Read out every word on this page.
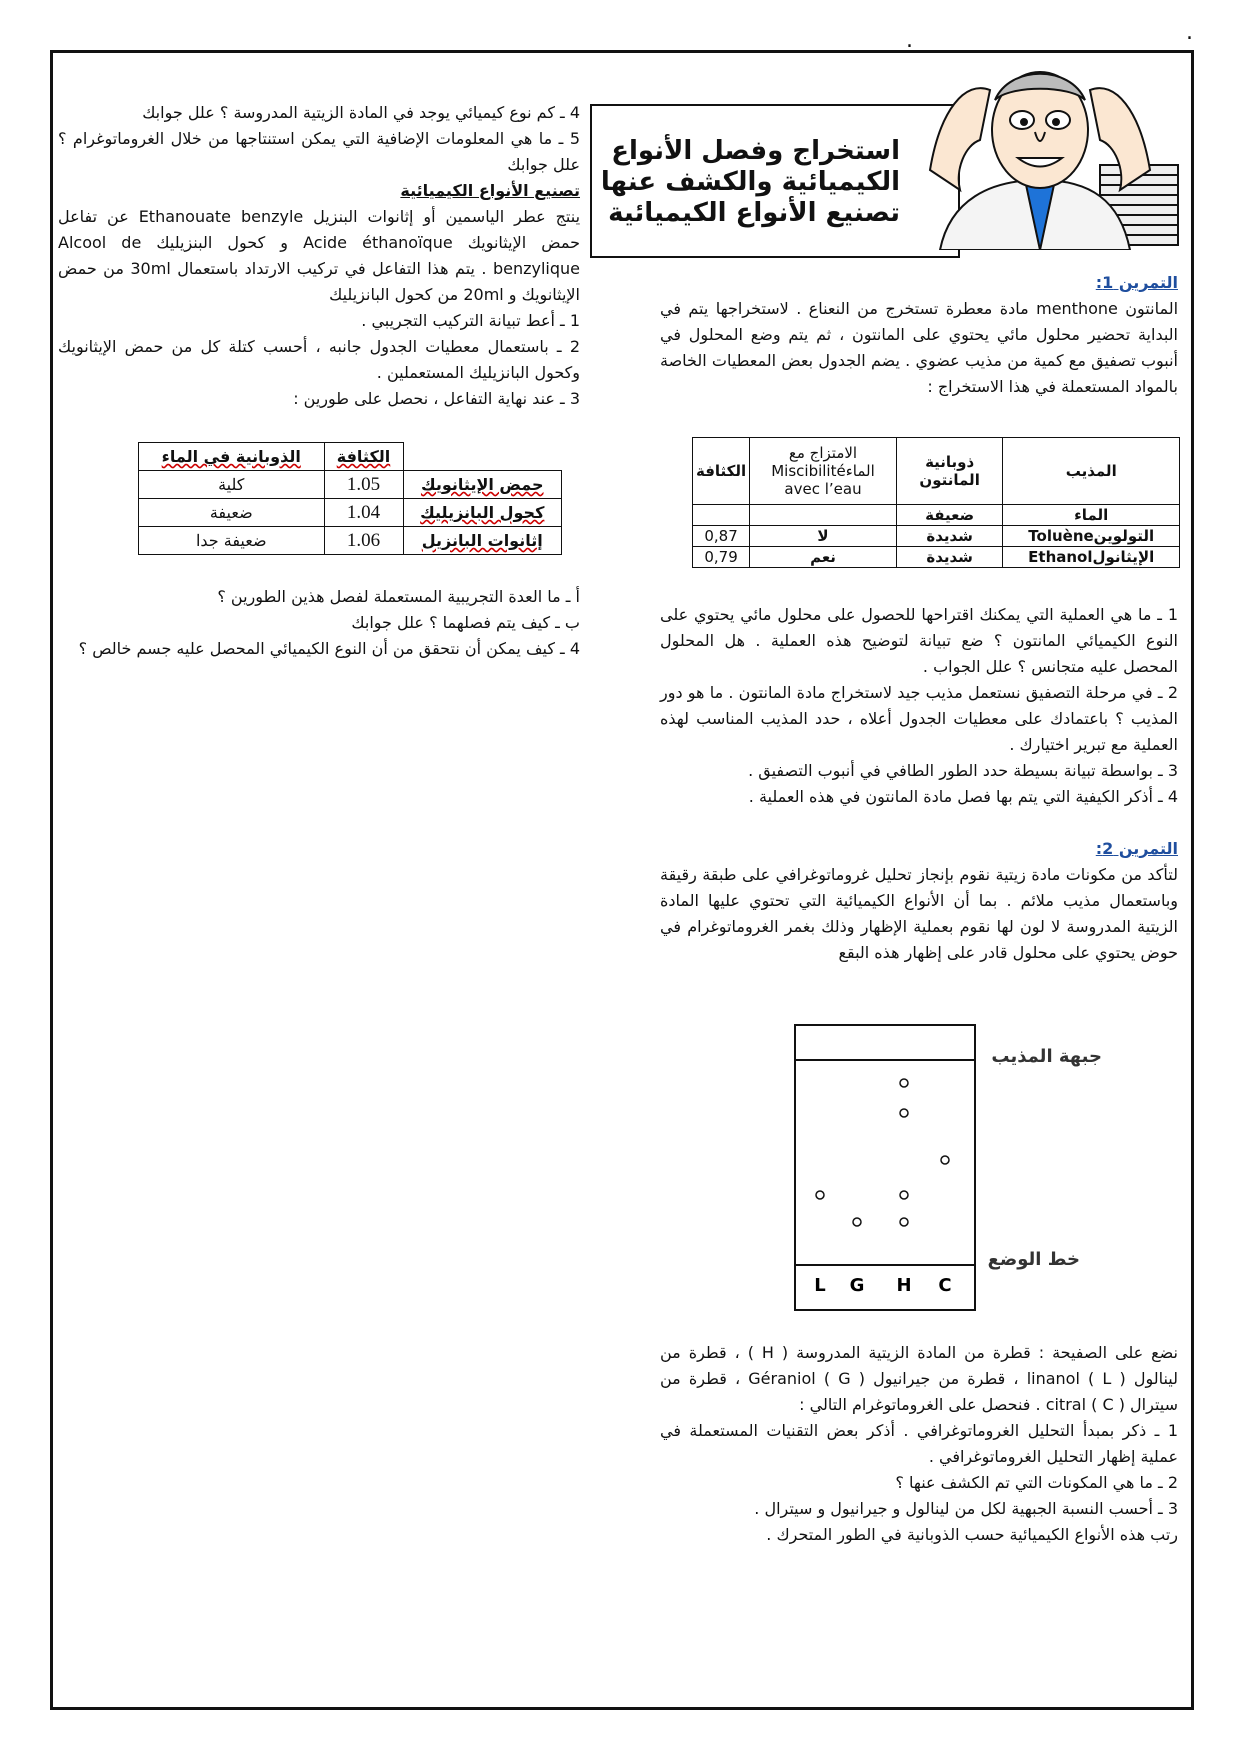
.	.
استخراج وفصل الأنواع
الكيميائية والكشف عنها
تصنيع الأنواع الكيميائية

التمرين 1:

المانتون menthone مادة معطرة تستخرج من النعناع . لاستخراجها يتم في البداية تحضير محلول مائي يحتوي على المانتون ، ثم يتم وضع المحلول في أنبوب تصفيق مع كمية من مذيب عضوي . يضم الجدول بعض المعطيات الخاصة بالمواد المستعملة في هذا الاستخراج :

المذيب	ذوبانية المانتون	الامتزاج مع الماءMiscibilité avec l’eau	الكثافة
الماء	ضعيفة		
التولوينToluène	شديدة	لا	0,87
الإيثانولEthanol	شديدة	نعم	0,79

1 ـ ما هي العملية التي يمكنك اقتراحها للحصول على محلول مائي يحتوي على النوع الكيميائي المانتون ؟ ضع تبيانة لتوضيح هذه العملية . هل المحلول المحصل عليه متجانس ؟ علل الجواب .

2 ـ في مرحلة التصفيق نستعمل مذيب جيد لاستخراج مادة المانتون . ما هو دور المذيب ؟ باعتمادك على معطيات الجدول أعلاه ، حدد المذيب المناسب لهذه العملية مع تبرير اختيارك .

3 ـ بواسطة تبيانة بسيطة حدد الطور الطافي في أنبوب التصفيق .

4 ـ أذكر الكيفية التي يتم بها فصل مادة المانتون في هذه العملية .

التمرين 2:

لتأكد من مكونات مادة زيتية نقوم بإنجاز تحليل غروماتوغرافي على طبقة رقيقة وباستعمال مذيب ملائم . بما أن الأنواع الكيميائية التي تحتوي عليها المادة الزيتية المدروسة لا لون لها نقوم بعملية الإظهار وذلك بغمر الغروماتوغرام في حوض يحتوي على محلول قادر على إظهار هذه البقع

L G H C
جبهة المذيب
خط الوضع

نضع على الصفيحة : قطرة من المادة الزيتية المدروسة ( H ) ، قطرة من لينالول linanol ( L ) ، قطرة من جيرانيول Géraniol ( G ) ، قطرة من سيترال citral ( C ) . فنحصل على الغروماتوغرام التالي :

1 ـ ذكر بمبدأ التحليل الغروماتوغرافي . أذكر بعض التقنيات المستعملة في عملية إظهار التحليل الغروماتوغرافي .

2 ـ ما هي المكونات التي تم الكشف عنها ؟

3 ـ أحسب النسبة الجبهية لكل من لينالول و جيرانيول و سيترال .

رتب هذه الأنواع الكيميائية حسب الذوبانية في الطور المتحرك .

4 ـ كم نوع كيميائي يوجد في المادة الزيتية المدروسة ؟ علل جوابك

5 ـ ما هي المعلومات الإضافية التي يمكن استنتاجها من خلال الغروماتوغرام ؟ علل جوابك

تصنيع الأنواع الكيميائية

ينتج عطر الياسمين أو إثانوات البنزيل Ethanouate benzyle عن تفاعل حمض الإيثانويك Acide éthanoïque و كحول البنزيليك Alcool de benzylique . يتم هذا التفاعل في تركيب الارتداد باستعمال 30ml من حمض الإيثانويك و 20ml من كحول البانزيليك

1 ـ أعط تبيانة التركيب التجريبي .

2 ـ باستعمال معطيات الجدول جانبه ، أحسب كتلة كل من حمض الإيثانويك وكحول البانزيليك المستعملين .

3 ـ عند نهاية التفاعل ، نحصل على طورين :

	الكثافة	الذوبانية في الماء
حمض الإيثانويك	1.05	كلية
كحول البانزيليك	1.04	ضعيفة
إثانوات البانزيل	1.06	ضعيفة جدا

أ ـ ما العدة التجريبية المستعملة لفصل هذين الطورين ؟

ب ـ كيف يتم فصلهما ؟ علل جوابك

4 ـ كيف يمكن أن نتحقق من أن النوع الكيميائي المحصل عليه جسم خالص ؟
